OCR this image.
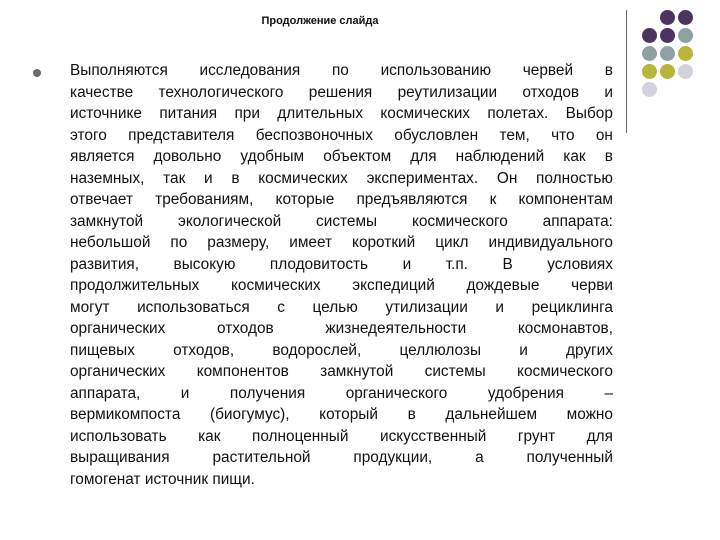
Продолжение слайда
Выполняются исследования по использованию червей в
качестве технологического решения реутилизации отходов и
источнике питания при длительных космических полетах. Выбор
этого представителя беспозвоночных обусловлен тем, что он
является довольно удобным объектом для наблюдений как в
наземных, так и в космических экспериментах. Он полностью
отвечает требованиям, которые предъявляются к компонентам
замкнутой экологической системы космического аппарата:
небольшой по размеру, имеет короткий цикл индивидуального
развития, высокую плодовитость и т.п. В условиях
продолжительных космических экспедиций дождевые черви
могут использоваться с целью утилизации и рециклинга
органических	отходов	жизнедеятельности	космонавтов,
пищевых отходов, водорослей, целлюлозы и других
органических компонентов замкнутой системы космического
аппарата,	и	получения	органического	удобрения	–
вермикомпоста (биогумус), который в дальнейшем можно
использовать как полноценный искусственный грунт для
выращивания	растительной	продукции,	а	полученный
гомогенат источник пищи.
